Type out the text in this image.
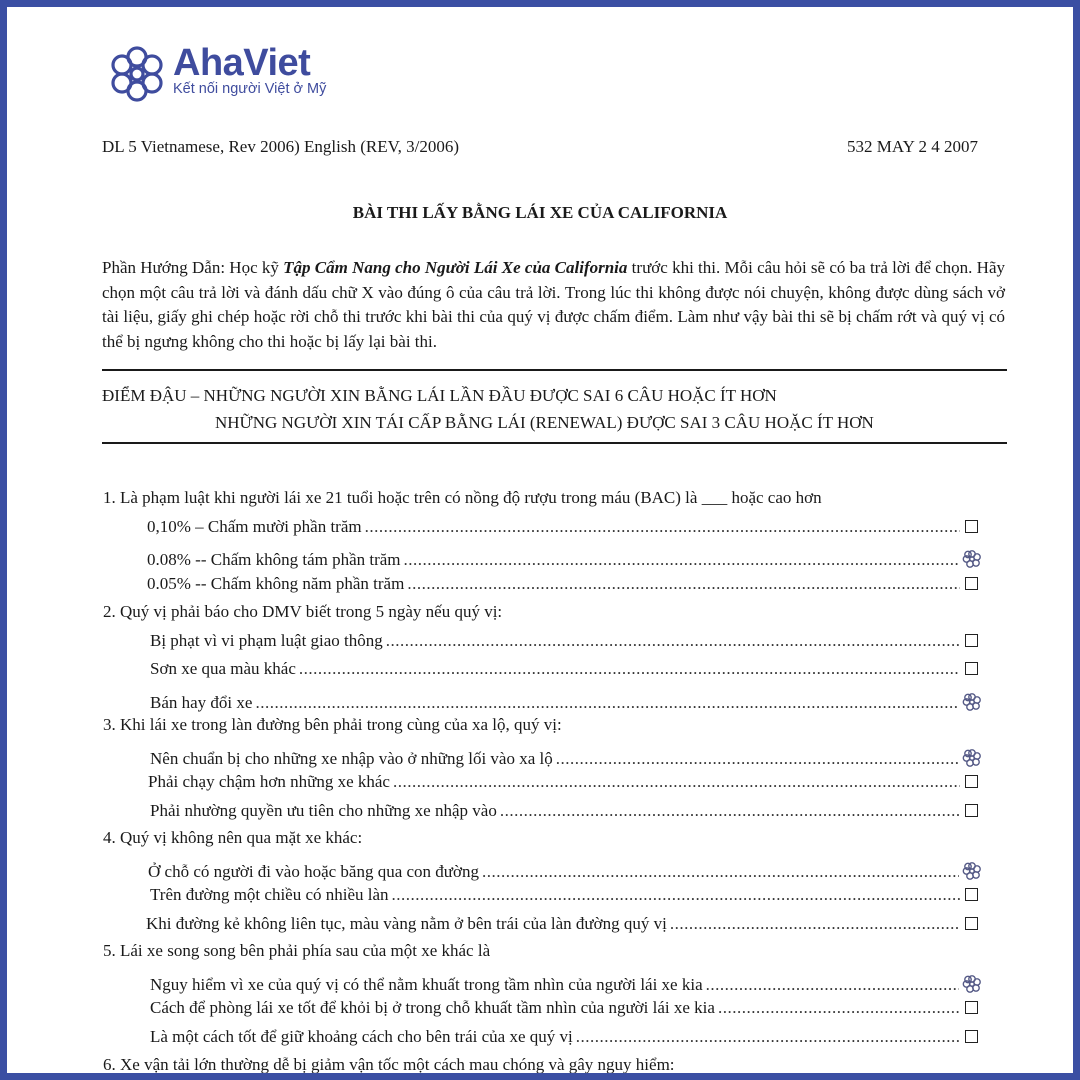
AhaViet
Kết nối người Việt ở Mỹ
DL 5 Vietnamese, Rev 2006) English (REV, 3/2006)	532 MAY 2 4 2007
BÀI THI LẤY BẰNG LÁI XE CỦA CALIFORNIA
Phần Hướng Dẫn: Học kỹ Tập Cẩm Nang cho Người Lái Xe của California trước khi thi. Mỗi câu hỏi sẽ có ba trả lời để chọn. Hãy chọn một câu trả lời và đánh dấu chữ X vào đúng ô của câu trả lời. Trong lúc thi không được nói chuyện, không được dùng sách vở tài liệu, giấy ghi chép hoặc rời chỗ thi trước khi bài thi của quý vị được chấm điểm. Làm như vậy bài thi sẽ bị chấm rớt và quý vị có thể bị ngưng không cho thi hoặc bị lấy lại bài thi.
ĐIỂM ĐẬU – NHỮNG NGƯỜI XIN BẰNG LÁI LẦN ĐẦU ĐƯỢC SAI 6 CÂU HOẶC ÍT HƠN
NHỮNG NGƯỜI XIN TÁI CẤP BẰNG LÁI (RENEWAL) ĐƯỢC SAI 3 CÂU HOẶC ÍT HƠN
1. Là phạm luật khi người lái xe 21 tuổi hoặc trên có nồng độ rượu trong máu (BAC) là ___ hoặc cao hơn
0,10% – Chấm mười phần trăm
.....
0.08% -- Chấm không tám phần trăm
.....
0.05% -- Chấm không năm phần trăm
.....
2. Quý vị phải báo cho DMV biết trong 5 ngày nếu quý vị:
Bị phạt vì vi phạm luật giao thông
.....
Sơn xe qua màu khác
.....
Bán hay đổi xe
.....
3. Khi lái xe trong làn đường bên phải trong cùng của xa lộ, quý vị:
Nên chuẩn bị cho những xe nhập vào ở những lối vào xa lộ
.....
Phải chạy chậm hơn những xe khác
.....
Phải nhường quyền ưu tiên cho những xe nhập vào
.....
4. Quý vị không nên qua mặt xe khác:
Ở chỗ có người đi vào hoặc băng qua con đường
.....
Trên đường một chiều có nhiều làn
.....
Khi đường kẻ không liên tục, màu vàng nằm ở bên trái của làn đường quý vị
.....
5. Lái xe song song bên phải phía sau của một xe khác là
Nguy hiểm vì xe của quý vị có thể nằm khuất trong tầm nhìn của người lái xe kia
.....
Cách để phòng lái xe tốt để khỏi bị ở trong chỗ khuất tầm nhìn của người lái xe kia
.....
Là một cách tốt để giữ khoảng cách cho bên trái của xe quý vị
.....
6. Xe vận tải lớn thường dễ bị giảm vận tốc một cách mau chóng và gây nguy hiểm:
